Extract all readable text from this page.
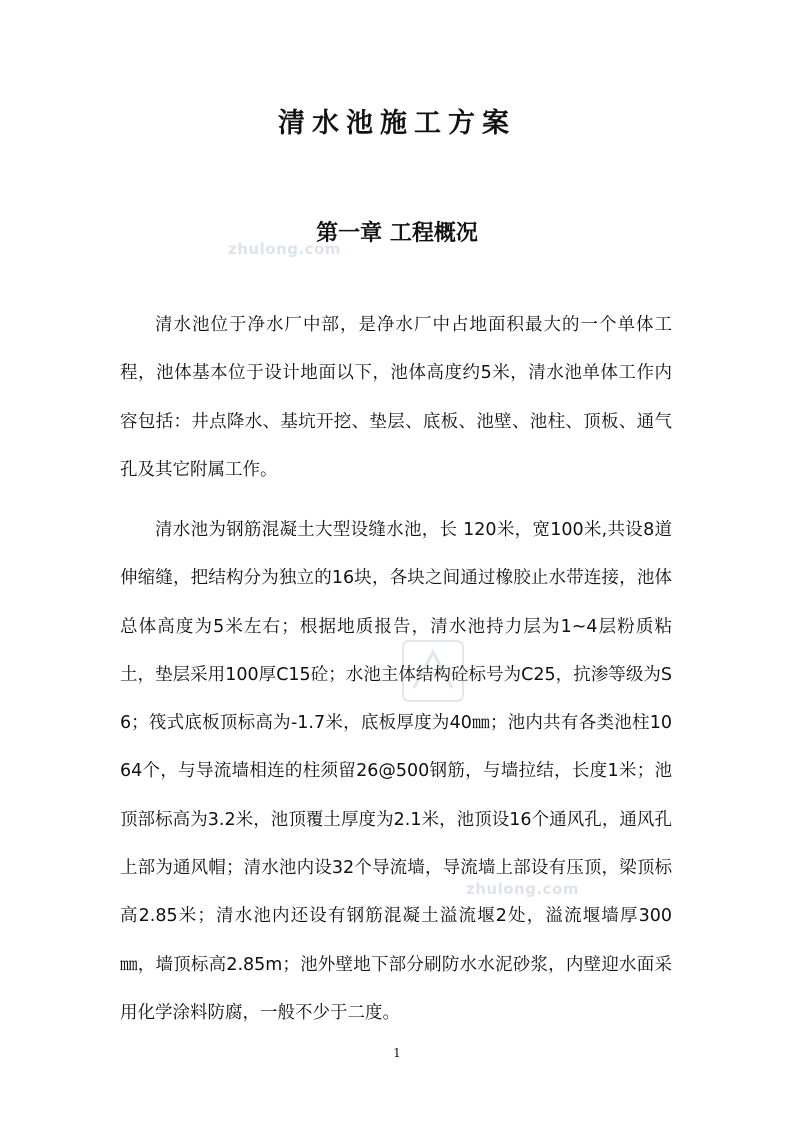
zhulong.com
zhulong.com
清水池施工方案
第一章 工程概况

清水池位于净水厂中部，是净水厂中占地面积最大的一个单体工程，池体基本位于设计地面以下，池体高度约5米，清水池单体工作内容包括：井点降水、基坑开挖、垫层、底板、池壁、池柱、顶板、通气孔及其它附属工作。

清水池为钢筋混凝土大型设缝水池，长 120米，宽100米,共设8道伸缩缝，把结构分为独立的16块，各块之间通过橡胶止水带连接，池体总体高度为5米左右；根据地质报告，清水池持力层为1~4层粉质粘土，垫层采用100厚C15砼；水池主体结构砼标号为C25，抗渗等级为S6；筏式底板顶标高为-1.7米，底板厚度为40㎜；池内共有各类池柱1064个，与导流墙相连的柱须留26@500钢筋，与墙拉结，长度1米；池顶部标高为3.2米，池顶覆土厚度为2.1米，池顶设16个通风孔，通风孔上部为通风帽；清水池内设32个导流墙，导流墙上部设有压顶，梁顶标高2.85米；清水池内还设有钢筋混凝土溢流堰2处，溢流堰墙厚300㎜，墙顶标高2.85m；池外壁地下部分刷防水水泥砂浆，内壁迎水面采用化学涂料防腐，一般不少于二度。

1
